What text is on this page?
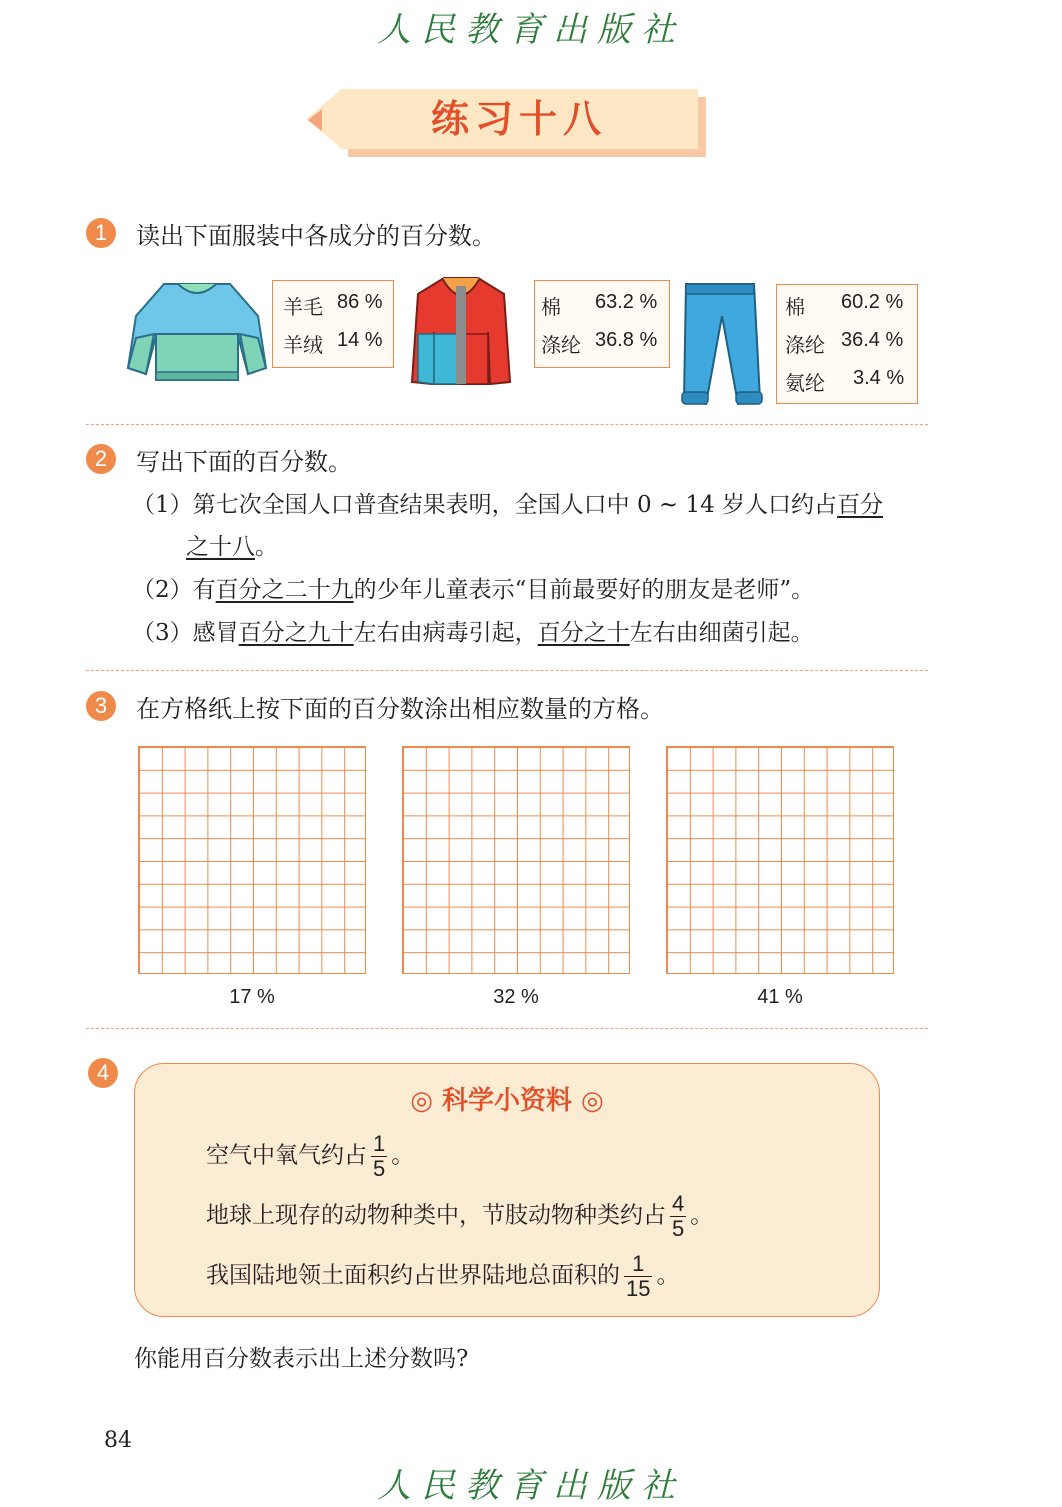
人民教育出版社
练习十八
1	读出下面服装中各成分的百分数。
羊毛 86 %
羊绒 14 %
棉 63.2 %
涤纶 36.8 %
棉 60.2 %
涤纶 36.4 %
氨纶 3.4 %
2	写出下面的百分数。
（1）第七次全国人口普查结果表明，全国人口中 0 ~ 14 岁人口约占百分
之十八。
（2）有百分之二十九的少年儿童表示“目前最要好的朋友是老师”。
（3）感冒百分之九十左右由病毒引起，百分之十左右由细菌引起。
3	在方格纸上按下面的百分数涂出相应数量的方格。
17 %	32 %	41 %
4
◎ 科学小资料 ◎
空气中氧气约占 $\frac{1}{5}$ 。
地球上现存的动物种类中，节肢动物种类约占 $\frac{4}{5}$ 。
我国陆地领土面积约占世界陆地总面积的 $\frac{1}{15}$ 。
你能用百分数表示出上述分数吗?
84
人民教育出版社
